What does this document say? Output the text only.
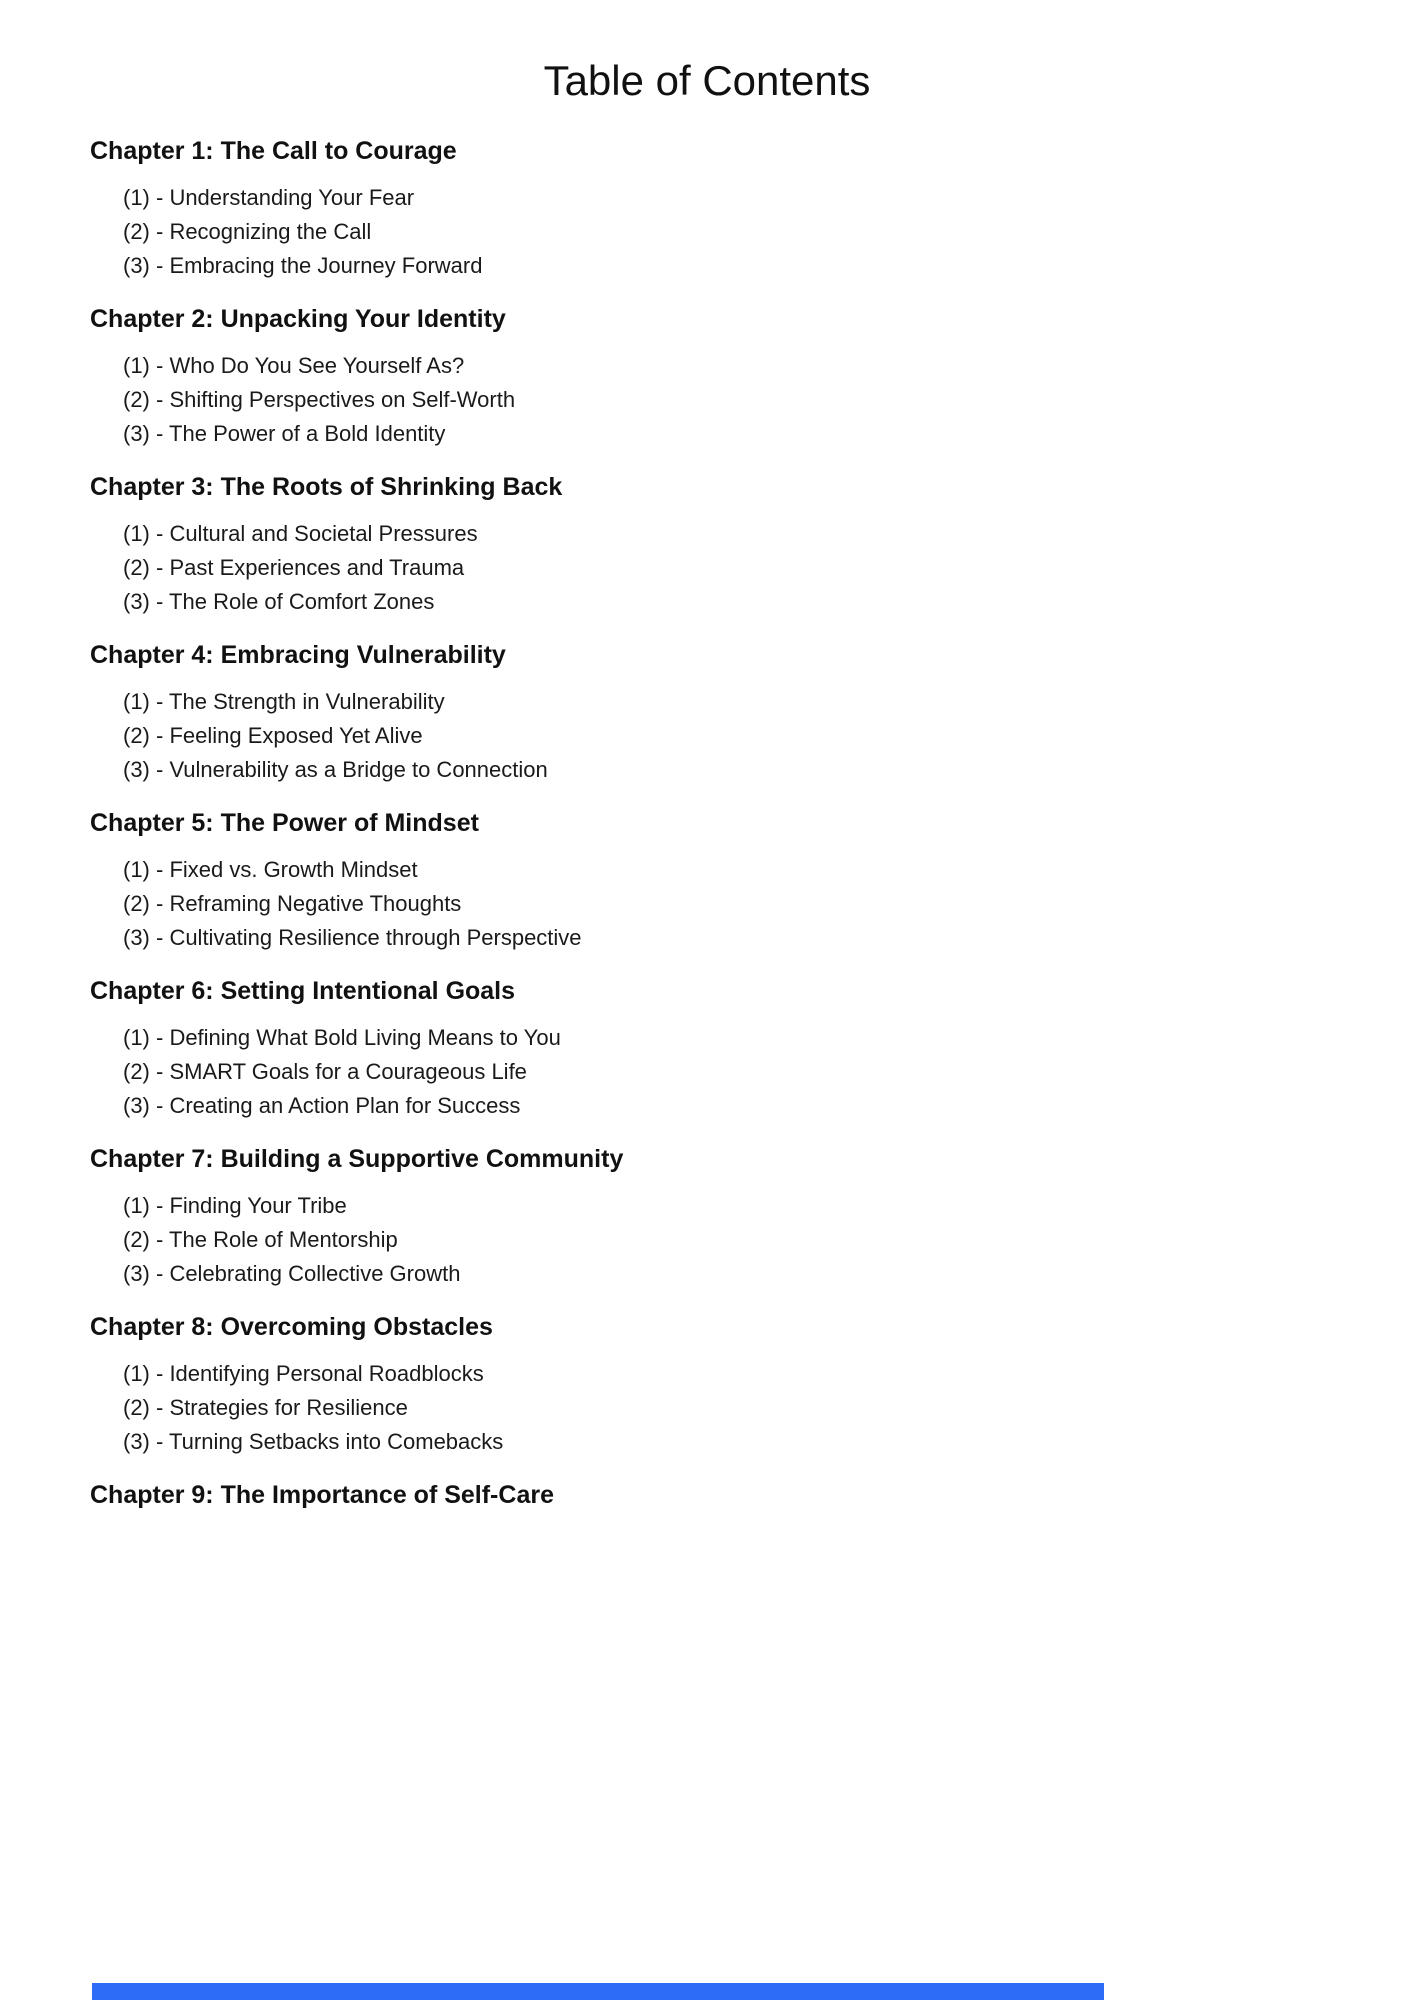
Table of Contents
Chapter 1: The Call to Courage
(1) - Understanding Your Fear
(2) - Recognizing the Call
(3) - Embracing the Journey Forward
Chapter 2: Unpacking Your Identity
(1) - Who Do You See Yourself As?
(2) - Shifting Perspectives on Self-Worth
(3) - The Power of a Bold Identity
Chapter 3: The Roots of Shrinking Back
(1) - Cultural and Societal Pressures
(2) - Past Experiences and Trauma
(3) - The Role of Comfort Zones
Chapter 4: Embracing Vulnerability
(1) - The Strength in Vulnerability
(2) - Feeling Exposed Yet Alive
(3) - Vulnerability as a Bridge to Connection
Chapter 5: The Power of Mindset
(1) - Fixed vs. Growth Mindset
(2) - Reframing Negative Thoughts
(3) - Cultivating Resilience through Perspective
Chapter 6: Setting Intentional Goals
(1) - Defining What Bold Living Means to You
(2) - SMART Goals for a Courageous Life
(3) - Creating an Action Plan for Success
Chapter 7: Building a Supportive Community
(1) - Finding Your Tribe
(2) - The Role of Mentorship
(3) - Celebrating Collective Growth
Chapter 8: Overcoming Obstacles
(1) - Identifying Personal Roadblocks
(2) - Strategies for Resilience
(3) - Turning Setbacks into Comebacks
Chapter 9: The Importance of Self-Care
